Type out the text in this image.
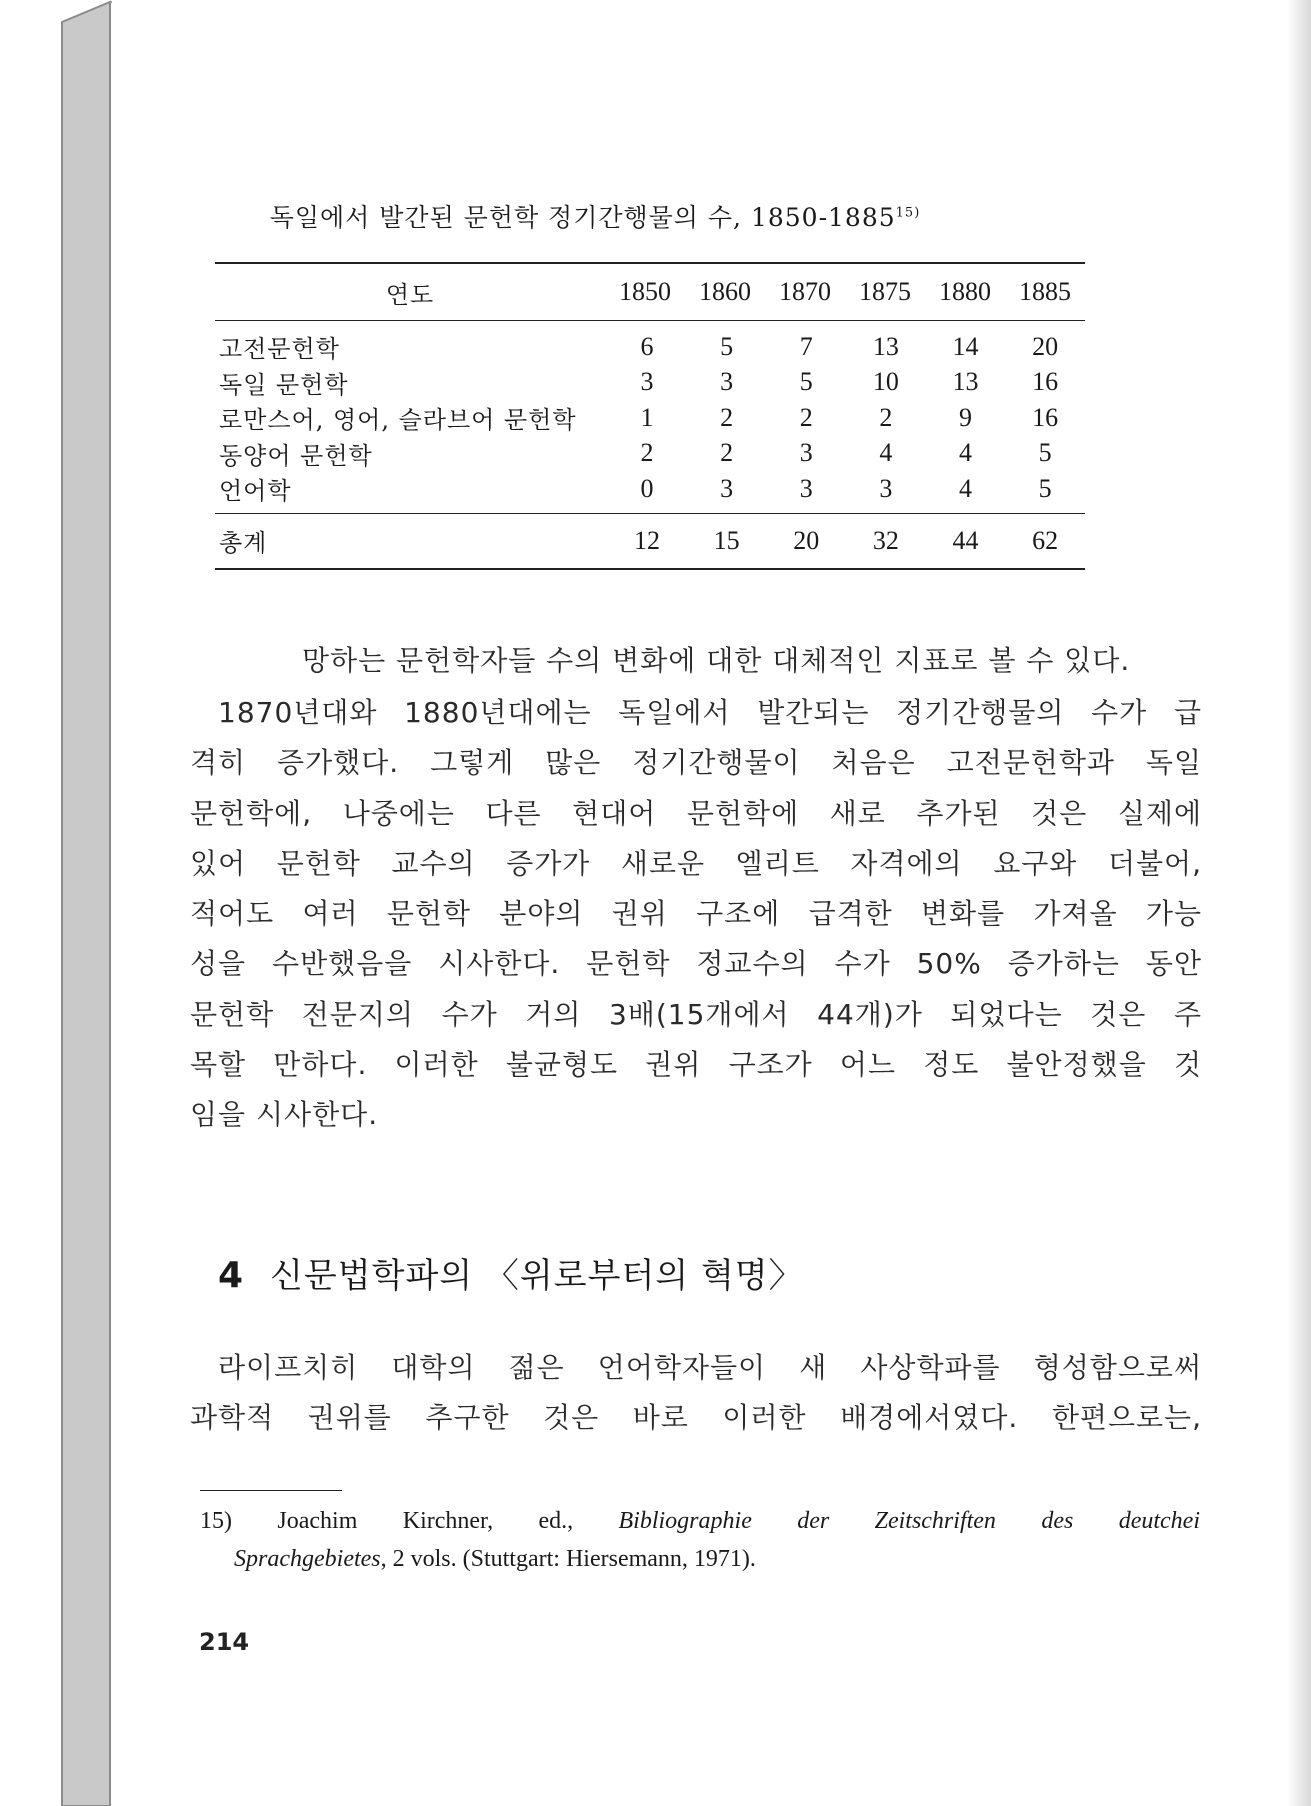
독일에서 발간된 문헌학 정기간행물의 수, 1850-1885$^{15)}$
연도	1850	1860	1870	1875	1880	1885
고전문헌학	6	5	7	13	14	20
독일 문헌학	3	3	5	10	13	16
로만스어, 영어, 슬라브어 문헌학	1	2	2	2	9	16
동양어 문헌학	2	2	3	4	4	5
언어학	0	3	3	3	4	5
총계	12	15	20	32	44	62
망하는 문헌학자들 수의 변화에 대한 대체적인 지표로 볼 수 있다.
1870년대와 1880년대에는 독일에서 발간되는 정기간행물의 수가 급
격히 증가했다. 그렇게 많은 정기간행물이 처음은 고전문헌학과 독일
문헌학에, 나중에는 다른 현대어 문헌학에 새로 추가된 것은 실제에
있어 문헌학 교수의 증가가 새로운 엘리트 자격에의 요구와 더불어,
적어도 여러 문헌학 분야의 권위 구조에 급격한 변화를 가져올 가능
성을 수반했음을 시사한다. 문헌학 정교수의 수가 50% 증가하는 동안
문헌학 전문지의 수가 거의 3배(15개에서 44개)가 되었다는 것은 주
목할 만하다. 이러한 불균형도 권위 구조가 어느 정도 불안정했을 것
임을 시사한다.
4 신문법학파의 〈위로부터의 혁명〉
라이프치히 대학의 젊은 언어학자들이 새 사상학파를 형성함으로써
과학적 권위를 추구한 것은 바로 이러한 배경에서였다. 한편으로는,
15) Joachim Kirchner, ed., Bibliographie der Zeitschriften des deutchei
Sprachgebietes, 2 vols. (Stuttgart: Hiersemann, 1971).
214
